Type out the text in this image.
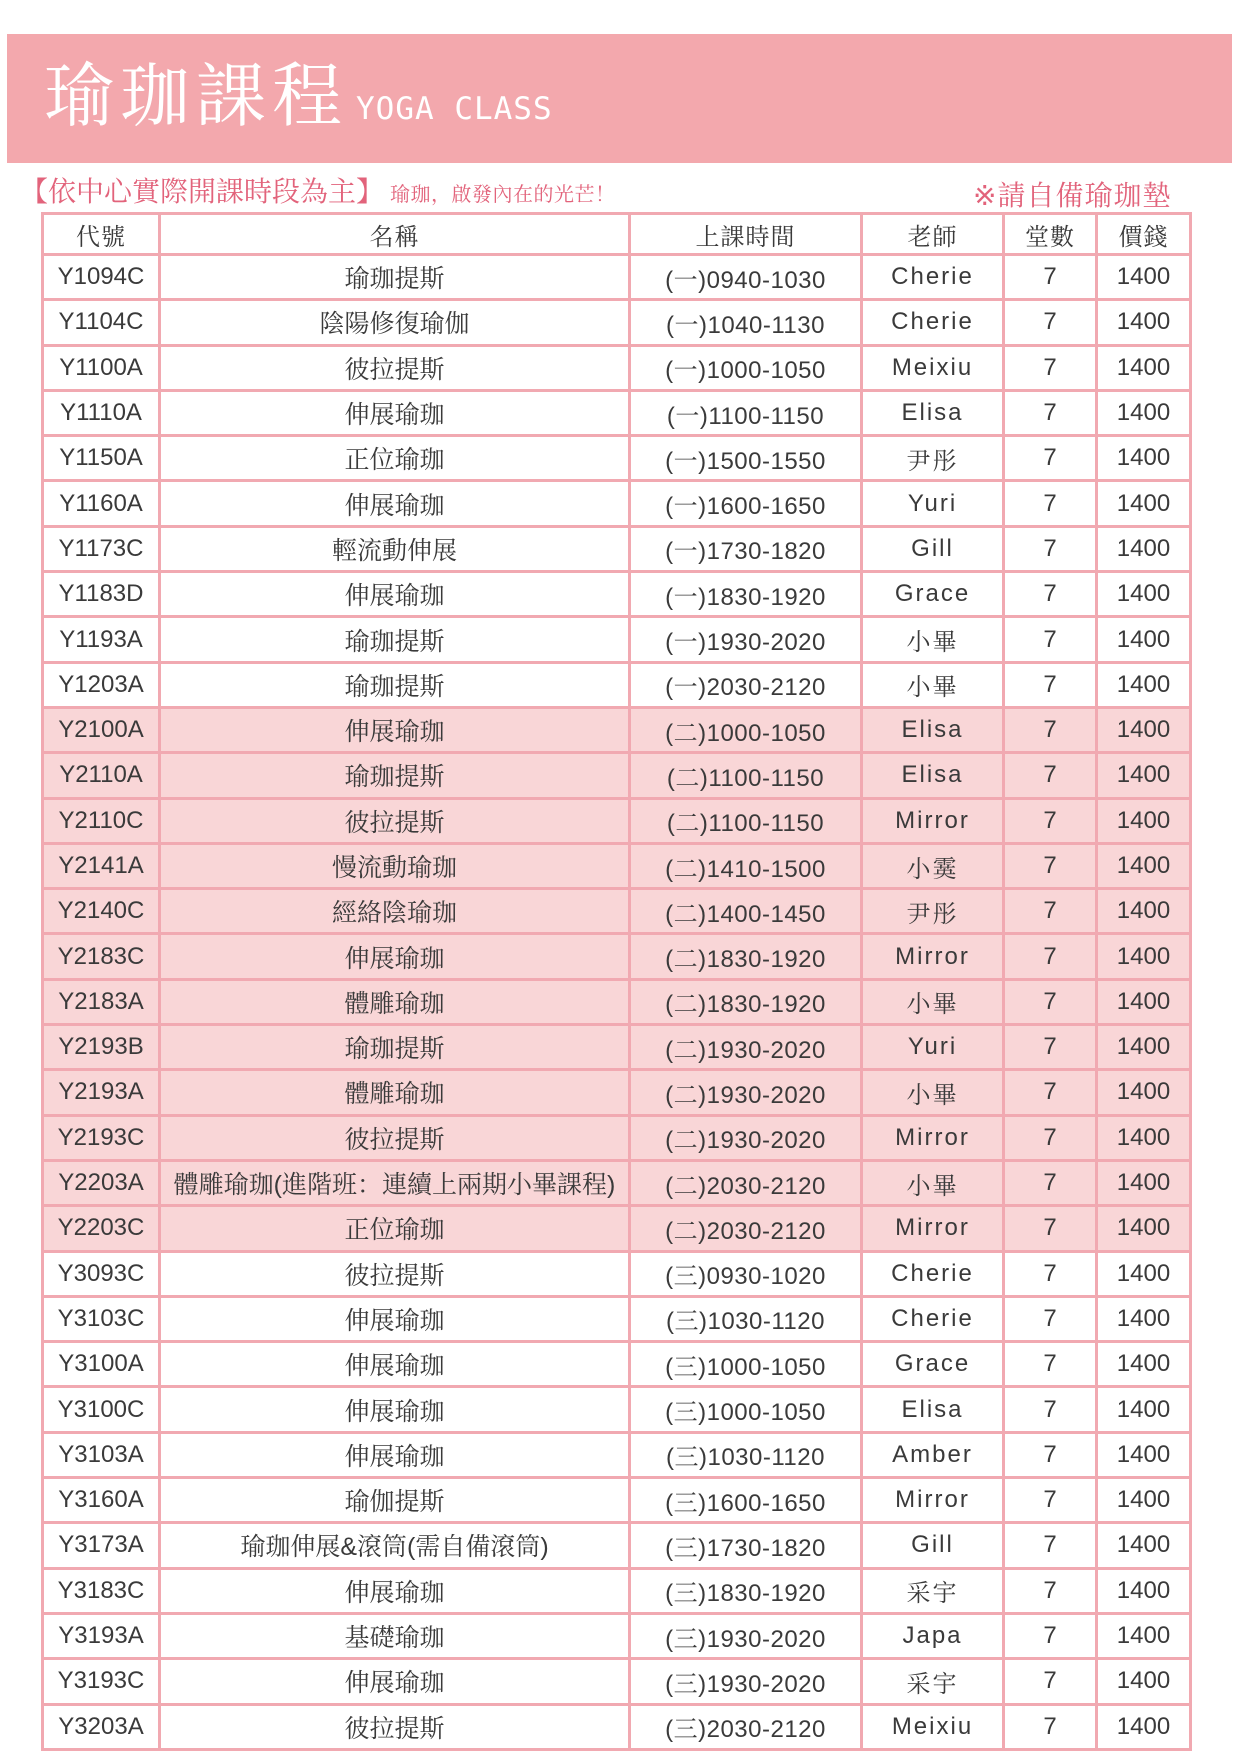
瑜珈課程 YOGA CLASS
【依中心實際開課時段為主】 瑜珈，啟發內在的光芒！	※請自備瑜珈墊
代號	名稱	上課時間	老師	堂數	價錢
Y1094C	瑜珈提斯	(一)0940-1030	Cherie	7	1400
Y1104C	陰陽修復瑜伽	(一)1040-1130	Cherie	7	1400
Y1100A	彼拉提斯	(一)1000-1050	Meixiu	7	1400
Y1110A	伸展瑜珈	(一)1100-1150	Elisa	7	1400
Y1150A	正位瑜珈	(一)1500-1550	尹彤	7	1400
Y1160A	伸展瑜珈	(一)1600-1650	Yuri	7	1400
Y1173C	輕流動伸展	(一)1730-1820	Gill	7	1400
Y1183D	伸展瑜珈	(一)1830-1920	Grace	7	1400
Y1193A	瑜珈提斯	(一)1930-2020	小畢	7	1400
Y1203A	瑜珈提斯	(一)2030-2120	小畢	7	1400
Y2100A	伸展瑜珈	(二)1000-1050	Elisa	7	1400
Y2110A	瑜珈提斯	(二)1100-1150	Elisa	7	1400
Y2110C	彼拉提斯	(二)1100-1150	Mirror	7	1400
Y2141A	慢流動瑜珈	(二)1410-1500	小霙	7	1400
Y2140C	經絡陰瑜珈	(二)1400-1450	尹彤	7	1400
Y2183C	伸展瑜珈	(二)1830-1920	Mirror	7	1400
Y2183A	體雕瑜珈	(二)1830-1920	小畢	7	1400
Y2193B	瑜珈提斯	(二)1930-2020	Yuri	7	1400
Y2193A	體雕瑜珈	(二)1930-2020	小畢	7	1400
Y2193C	彼拉提斯	(二)1930-2020	Mirror	7	1400
Y2203A	體雕瑜珈(進階班：連續上兩期小畢課程)	(二)2030-2120	小畢	7	1400
Y2203C	正位瑜珈	(二)2030-2120	Mirror	7	1400
Y3093C	彼拉提斯	(三)0930-1020	Cherie	7	1400
Y3103C	伸展瑜珈	(三)1030-1120	Cherie	7	1400
Y3100A	伸展瑜珈	(三)1000-1050	Grace	7	1400
Y3100C	伸展瑜珈	(三)1000-1050	Elisa	7	1400
Y3103A	伸展瑜珈	(三)1030-1120	Amber	7	1400
Y3160A	瑜伽提斯	(三)1600-1650	Mirror	7	1400
Y3173A	瑜珈伸展&滾筒(需自備滾筒)	(三)1730-1820	Gill	7	1400
Y3183C	伸展瑜珈	(三)1830-1920	采宇	7	1400
Y3193A	基礎瑜珈	(三)1930-2020	Japa	7	1400
Y3193C	伸展瑜珈	(三)1930-2020	采宇	7	1400
Y3203A	彼拉提斯	(三)2030-2120	Meixiu	7	1400
